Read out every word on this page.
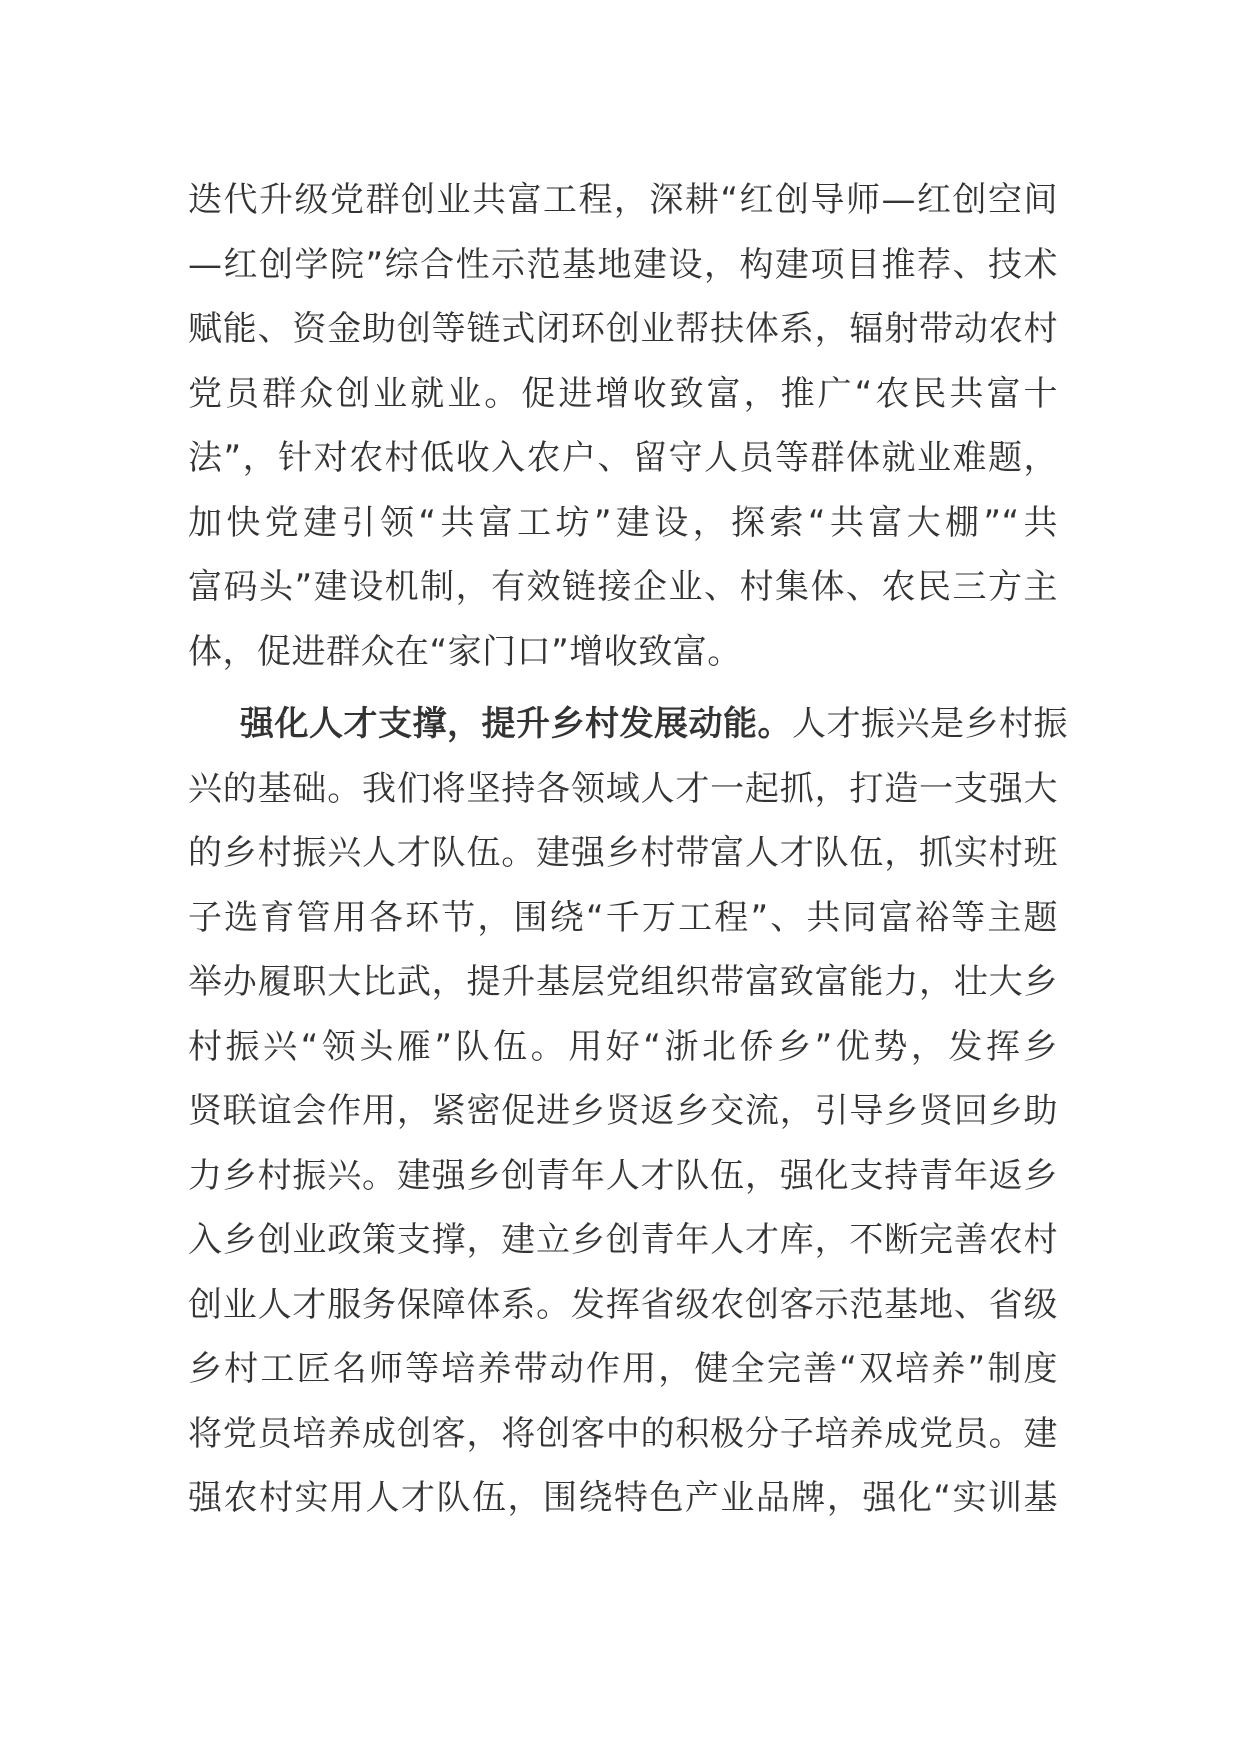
迭代升级党群创业共富工程，深耕“红创导师—红创空间
—红创学院”综合性示范基地建设，构建项目推荐、技术
赋能、资金助创等链式闭环创业帮扶体系，辐射带动农村
党员群众创业就业。促进增收致富，推广“农民共富十
法”，针对农村低收入农户、留守人员等群体就业难题，
加快党建引领“共富工坊”建设，探索“共富大棚”“共
富码头”建设机制，有效链接企业、村集体、农民三方主
体，促进群众在“家门口”增收致富。
强化人才支撑，提升乡村发展动能。人才振兴是乡村振
兴的基础。我们将坚持各领域人才一起抓，打造一支强大
的乡村振兴人才队伍。建强乡村带富人才队伍，抓实村班
子选育管用各环节，围绕“千万工程”、共同富裕等主题
举办履职大比武，提升基层党组织带富致富能力，壮大乡
村振兴“领头雁”队伍。用好“浙北侨乡”优势，发挥乡
贤联谊会作用，紧密促进乡贤返乡交流，引导乡贤回乡助
力乡村振兴。建强乡创青年人才队伍，强化支持青年返乡
入乡创业政策支撑，建立乡创青年人才库，不断完善农村
创业人才服务保障体系。发挥省级农创客示范基地、省级
乡村工匠名师等培养带动作用，健全完善“双培养”制度
将党员培养成创客，将创客中的积极分子培养成党员。建
强农村实用人才队伍，围绕特色产业品牌，强化“实训基
